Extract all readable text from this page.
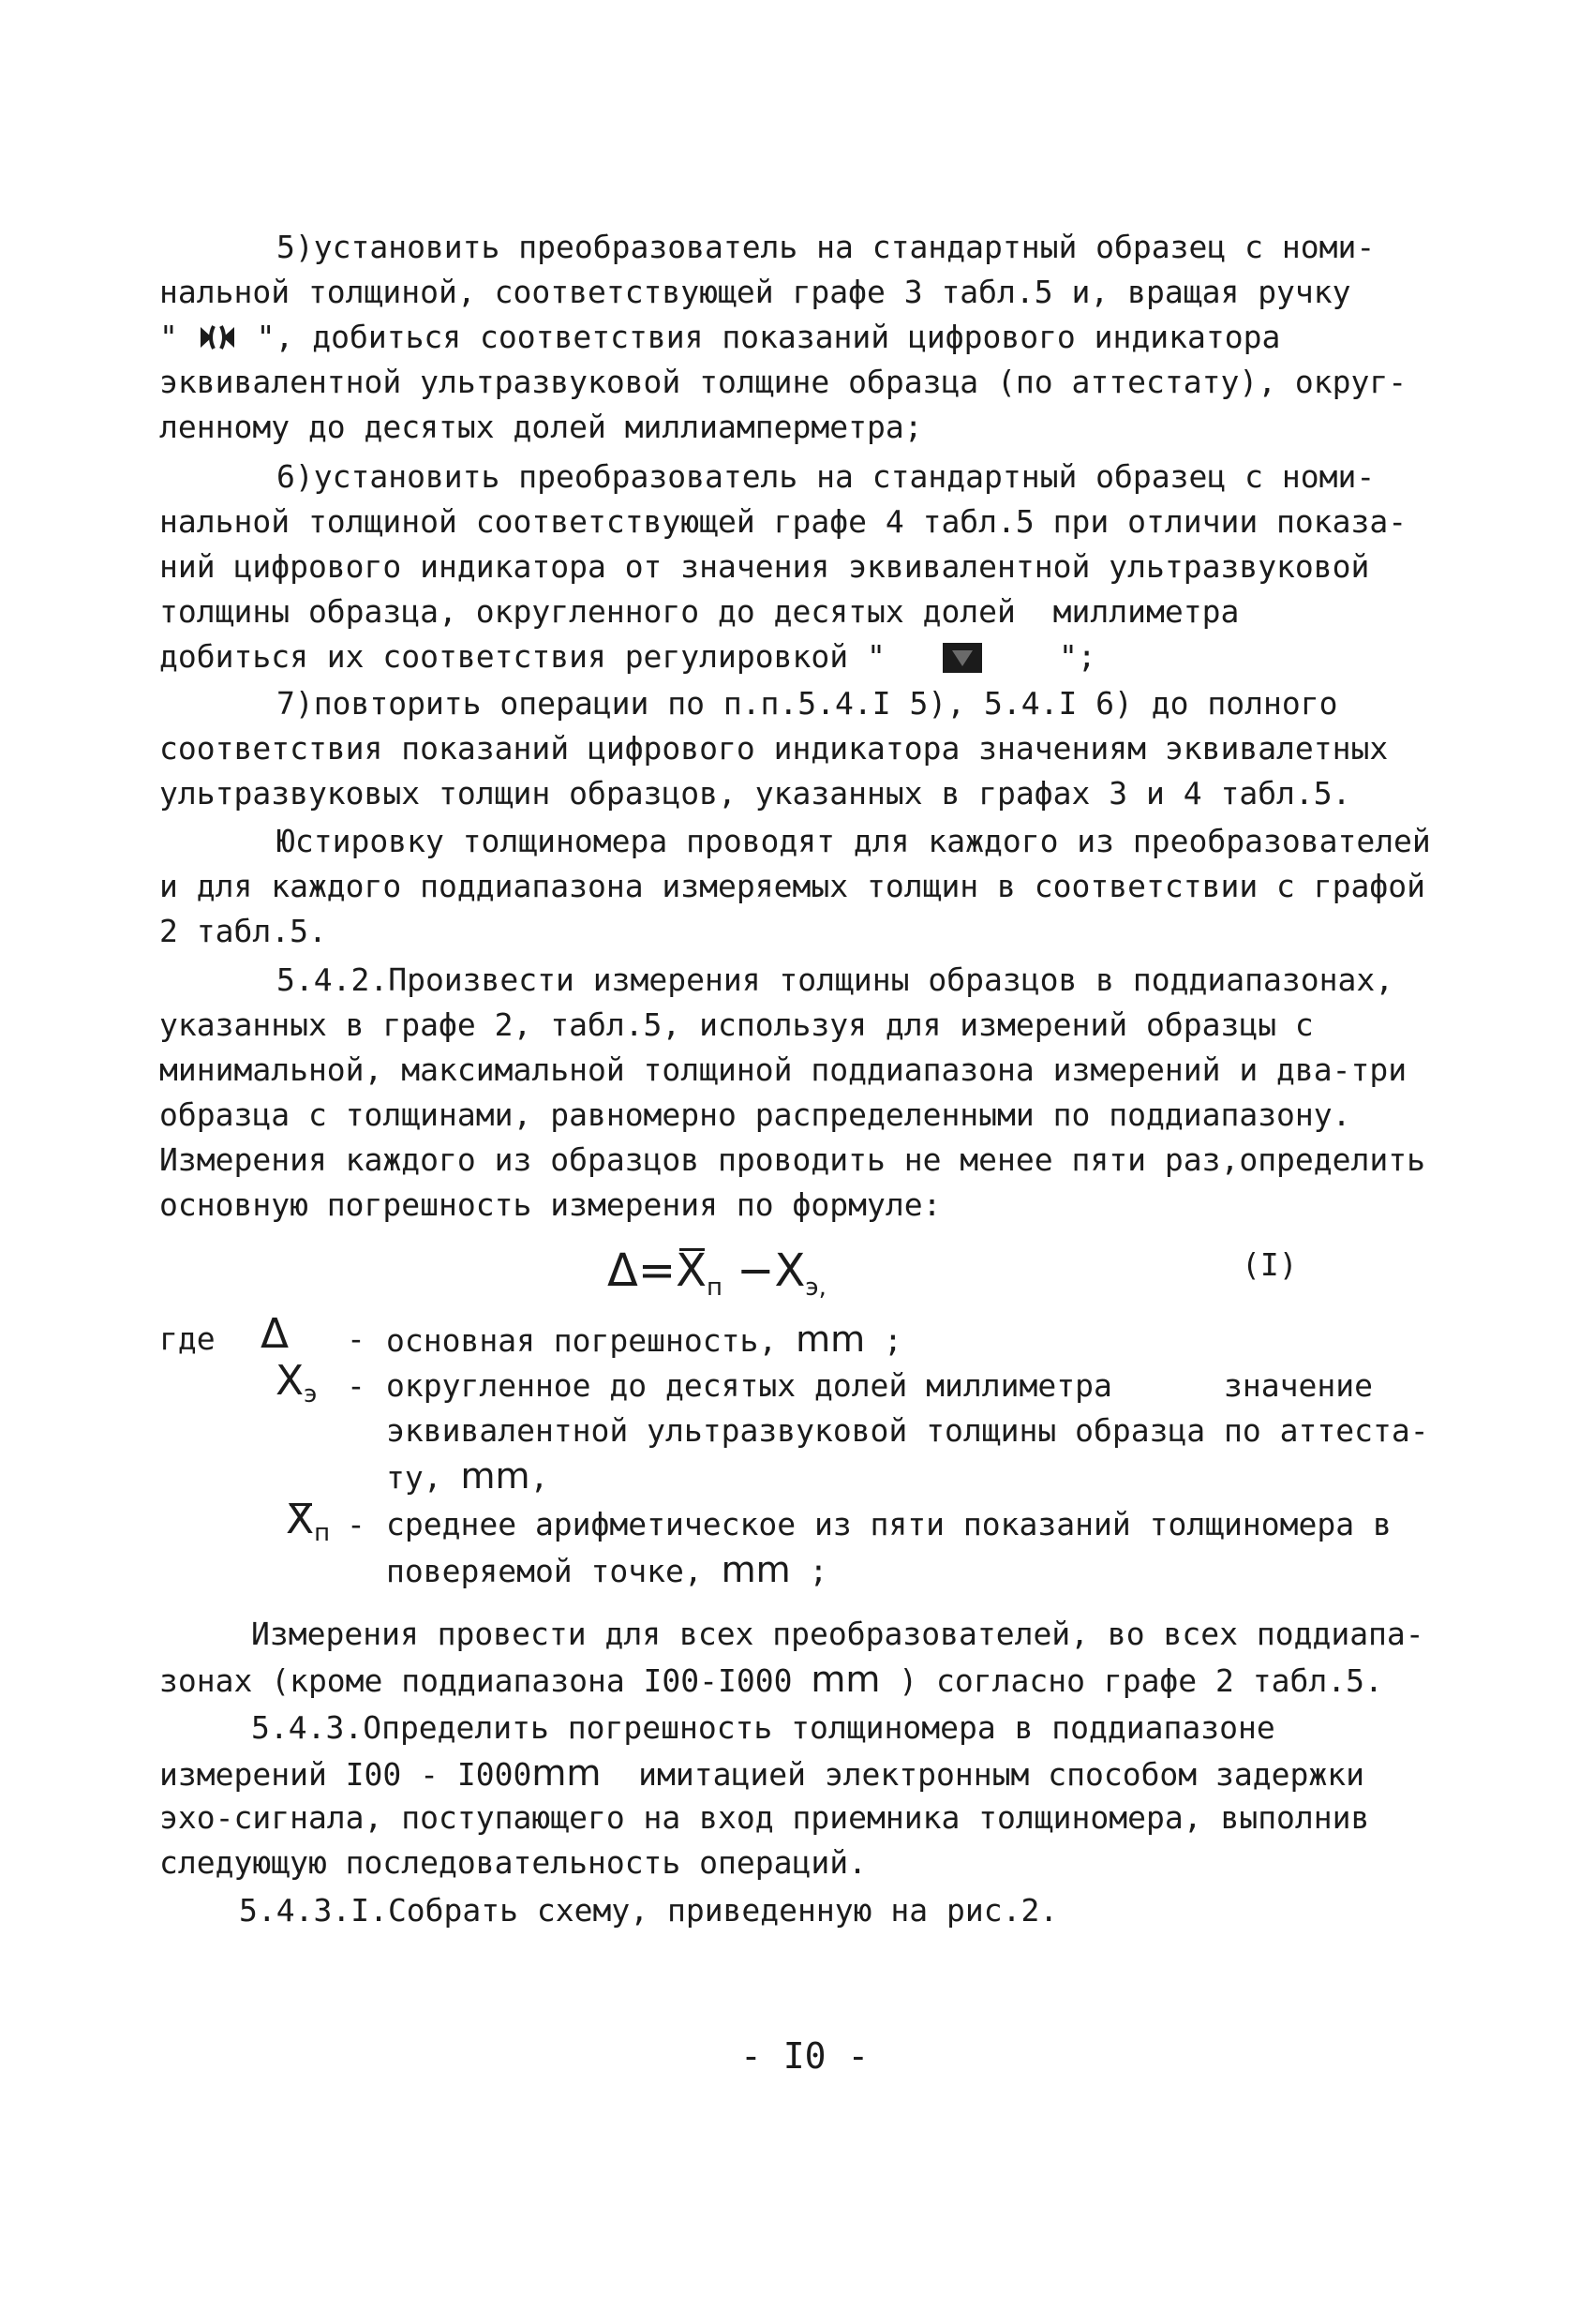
5)установить преобразователь на стандартный образец с номи-

нальной толщиной, соответствующей графе 3 табл.5 и, вращая ручку

"	", добиться соответствия показаний цифрового индикатора

эквивалентной ультразвуковой толщине образца (по аттестату), округ-

ленному до десятых долей миллиамперметра;

6)установить преобразователь на стандартный образец с номи-

нальной толщиной соответствующей графе 4 табл.5 при отличии показа-

ний цифрового индикатора от значения эквивалентной ультразвуковой

толщины образца, округленного до десятых долей  миллиметра

добиться их соответствия регулировкой "	";

7)повторить операции по п.п.5.4.I 5), 5.4.I 6) до полного

соответствия показаний цифрового индикатора значениям эквивалетных

ультразвуковых толщин образцов, указанных в графах 3 и 4 табл.5.

Юстировку толщиномера проводят для каждого из преобразователей

и для каждого поддиапазона измеряемых толщин в соответствии с графой

2 табл.5.

5.4.2.Произвести измерения толщины образцов в поддиапазонах,

указанных в графе 2, табл.5, используя для измерений образцы с

минимальной, максимальной толщиной поддиапазона измерений и два-три

образца с толщинами, равномерно распределенными по поддиапазону.

Измерения каждого из образцов проводить не менее пяти раз,определить

основную погрешность измерения по формуле:

$\Delta=X_п -X_{э,}$
(I)

где Δ - основная погрешность, mm ;

$X_э$ - округленное до десятых долей миллиметра      значение

эквивалентной ультразвуковой толщины образца по аттеста-

ту, mm,

$X_п$ - среднее арифметическое из пяти показаний толщиномера в

поверяемой точке, mm ;

Измерения провести для всех преобразователей, во всех поддиапа-

зонах (кроме поддиапазона I00-I000 mm ) согласно графе 2 табл.5.

5.4.3.Определить погрешность толщиномера в поддиапазоне

измерений I00 - I000mm  имитацией электронным способом задержки

эхо-сигнала, поступающего на вход приемника толщиномера, выполнив

следующую последовательность операций.

5.4.3.I.Собрать схему, приведенную на рис.2.

- I0 -
